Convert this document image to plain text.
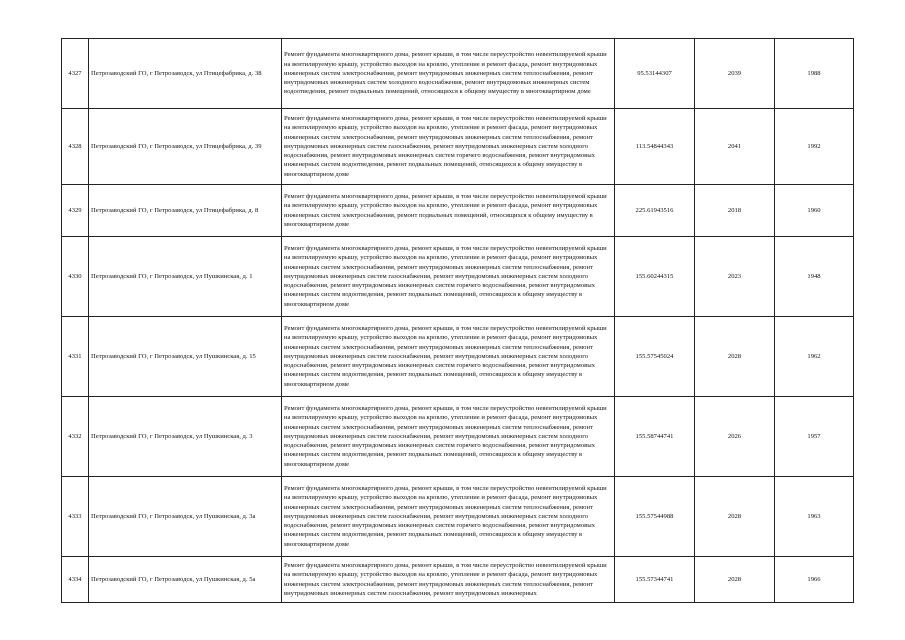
4327	Петрозаводский ГО, г Петрозаводск, ул Птицефабрика, д. 38	Ремонт фундамента многоквартирного дома, ремонт крыши, в том числе переустройство невентилируемой крыши на вентилируемую крышу, устройство выходов на кровлю, утепление и ремонт фасада, ремонт внутридомовых инженерных систем электроснабжения, ремонт внутридомовых инженерных систем теплоснабжения, ремонт внутридомовых инженерных систем холодного водоснабжения, ремонт внутридомовых инженерных систем водоотведения, ремонт подвальных помещений, относящихся к общему имуществу в многоквартирном доме	95.53144307	2039	1988
4328	Петрозаводский ГО, г Петрозаводск, ул Птицефабрика, д. 39	Ремонт фундамента многоквартирного дома, ремонт крыши, в том числе переустройство невентилируемой крыши на вентилируемую крышу, устройство выходов на кровлю, утепление и ремонт фасада, ремонт внутридомовых инженерных систем электроснабжения, ремонт внутридомовых инженерных систем теплоснабжения, ремонт внутридомовых инженерных систем газоснабжения, ремонт внутридомовых инженерных систем холодного водоснабжения, ремонт внутридомовых инженерных систем горячего водоснабжения, ремонт внутридомовых инженерных систем водоотведения, ремонт подвальных помещений, относящихся к общему имуществу в многоквартирном доме	113.54844343	2041	1992
4329	Петрозаводский ГО, г Петрозаводск, ул Птицефабрика, д. 8	Ремонт фундамента многоквартирного дома, ремонт крыши, в том числе переустройство невентилируемой крыши на вентилируемую крышу, устройство выходов на кровлю, утепление и ремонт фасада, ремонт внутридомовых инженерных систем электроснабжения, ремонт подвальных помещений, относящихся к общему имуществу в многоквартирном доме	225.61943516	2018	1960
4330	Петрозаводский ГО, г Петрозаводск, ул Пушкинская, д. 1	Ремонт фундамента многоквартирного дома, ремонт крыши, в том числе переустройство невентилируемой крыши на вентилируемую крышу, устройство выходов на кровлю, утепление и ремонт фасада, ремонт внутридомовых инженерных систем электроснабжения, ремонт внутридомовых инженерных систем теплоснабжения, ремонт внутридомовых инженерных систем газоснабжения, ремонт внутридомовых инженерных систем холодного водоснабжения, ремонт внутридомовых инженерных систем горячего водоснабжения, ремонт внутридомовых инженерных систем водоотведения, ремонт подвальных помещений, относящихся к общему имуществу в многоквартирном доме	155.60244315	2023	1948
4331	Петрозаводский ГО, г Петрозаводск, ул Пушкинская, д. 15	Ремонт фундамента многоквартирного дома, ремонт крыши, в том числе переустройство невентилируемой крыши на вентилируемую крышу, устройство выходов на кровлю, утепление и ремонт фасада, ремонт внутридомовых инженерных систем электроснабжения, ремонт внутридомовых инженерных систем теплоснабжения, ремонт внутридомовых инженерных систем газоснабжения, ремонт внутридомовых инженерных систем холодного водоснабжения, ремонт внутридомовых инженерных систем горячего водоснабжения, ремонт внутридомовых инженерных систем водоотведения, ремонт подвальных помещений, относящихся к общему имуществу в многоквартирном доме	155.57545024	2028	1962
4332	Петрозаводский ГО, г Петрозаводск, ул Пушкинская, д. 3	Ремонт фундамента многоквартирного дома, ремонт крыши, в том числе переустройство невентилируемой крыши на вентилируемую крышу, устройство выходов на кровлю, утепление и ремонт фасада, ремонт внутридомовых инженерных систем электроснабжения, ремонт внутридомовых инженерных систем теплоснабжения, ремонт внутридомовых инженерных систем газоснабжения, ремонт внутридомовых инженерных систем холодного водоснабжения, ремонт внутридомовых инженерных систем горячего водоснабжения, ремонт внутридомовых инженерных систем водоотведения, ремонт подвальных помещений, относящихся к общему имуществу в многоквартирном доме	155.58744741	2026	1957
4333	Петрозаводский ГО, г Петрозаводск, ул Пушкинская, д. 3а	Ремонт фундамента многоквартирного дома, ремонт крыши, в том числе переустройство невентилируемой крыши на вентилируемую крышу, устройство выходов на кровлю, утепление и ремонт фасада, ремонт внутридомовых инженерных систем электроснабжения, ремонт внутридомовых инженерных систем теплоснабжения, ремонт внутридомовых инженерных систем газоснабжения, ремонт внутридомовых инженерных систем холодного водоснабжения, ремонт внутридомовых инженерных систем горячего водоснабжения, ремонт внутридомовых инженерных систем водоотведения, ремонт подвальных помещений, относящихся к общему имуществу в многоквартирном доме	155.57544988	2028	1963
4334	Петрозаводский ГО, г Петрозаводск, ул Пушкинская, д. 5а	Ремонт фундамента многоквартирного дома, ремонт крыши, в том числе переустройство невентилируемой крыши на вентилируемую крышу, устройство выходов на кровлю, утепление и ремонт фасада, ремонт внутридомовых инженерных систем электроснабжения, ремонт внутридомовых инженерных систем теплоснабжения, ремонт внутридомовых инженерных систем газоснабжения, ремонт внутридомовых инженерных	155.57344741	2028	1966
